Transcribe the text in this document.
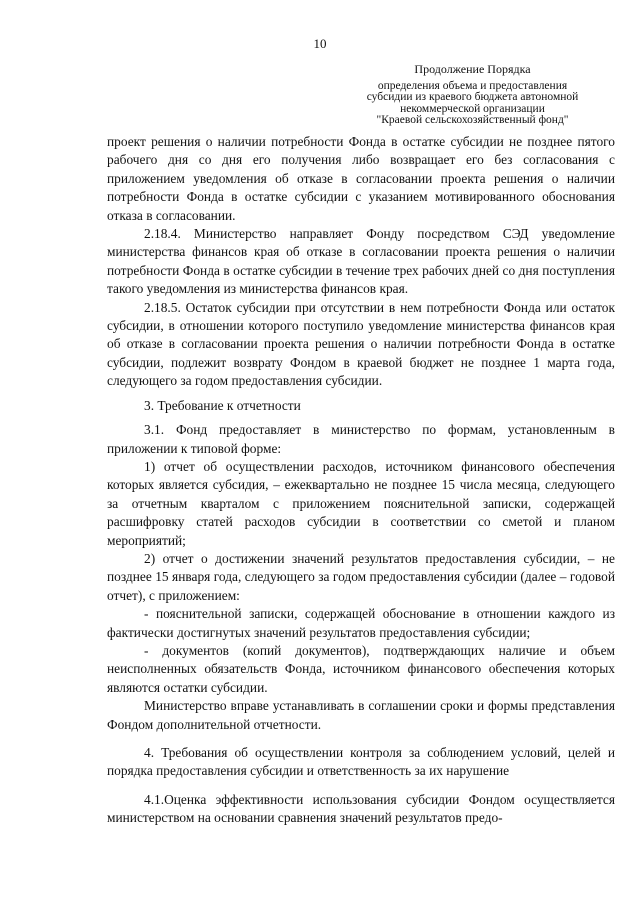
10
Продолжение Порядка
определения объема и предоставления
субсидии из краевого бюджета автономной
некоммерческой организации
"Краевой сельскохозяйственный фонд"

проект решения о наличии потребности Фонда в остатке субсидии не позднее пятого рабочего дня со дня его получения либо возвращает его без согласования с приложением уведомления об отказе в согласовании проекта решения о наличии потребности Фонда в остатке субсидии с указанием мотивированного обоснования отказа в согласовании.

2.18.4. Министерство направляет Фонду посредством СЭД уведомление министерства финансов края об отказе в согласовании проекта решения о наличии потребности Фонда в остатке субсидии в течение трех рабочих дней со дня поступления такого уведомления из министерства финансов края.

2.18.5. Остаток субсидии при отсутствии в нем потребности Фонда или остаток субсидии, в отношении которого поступило уведомление министерства финансов края об отказе в согласовании проекта решения о наличии потребности Фонда в остатке субсидии, подлежит возврату Фондом в краевой бюджет не позднее 1 марта года, следующего за годом предоставления субсидии.

3. Требование к отчетности

3.1. Фонд предоставляет в министерство по формам, установленным в приложении к типовой форме:

1) отчет об осуществлении расходов, источником финансового обеспечения которых является субсидия, – ежеквартально не позднее 15 числа месяца, следующего за отчетным кварталом с приложением пояснительной записки, содержащей расшифровку статей расходов субсидии в соответствии со сметой и планом мероприятий;

2) отчет о достижении значений результатов предоставления субсидии, – не позднее 15 января года, следующего за годом предоставления субсидии (далее – годовой отчет), с приложением:

- пояснительной записки, содержащей обоснование в отношении каждого из фактически достигнутых значений результатов предоставления субсидии;

- документов (копий документов), подтверждающих наличие и объем неисполненных обязательств Фонда, источником финансового обеспечения которых являются остатки субсидии.

Министерство вправе устанавливать в соглашении сроки и формы представления Фондом дополнительной отчетности.

4. Требования об осуществлении контроля за соблюдением условий, целей и порядка предоставления субсидии и ответственность за их нарушение

4.1.Оценка эффективности использования субсидии Фондом осуществляется министерством на основании сравнения значений результатов предо-
